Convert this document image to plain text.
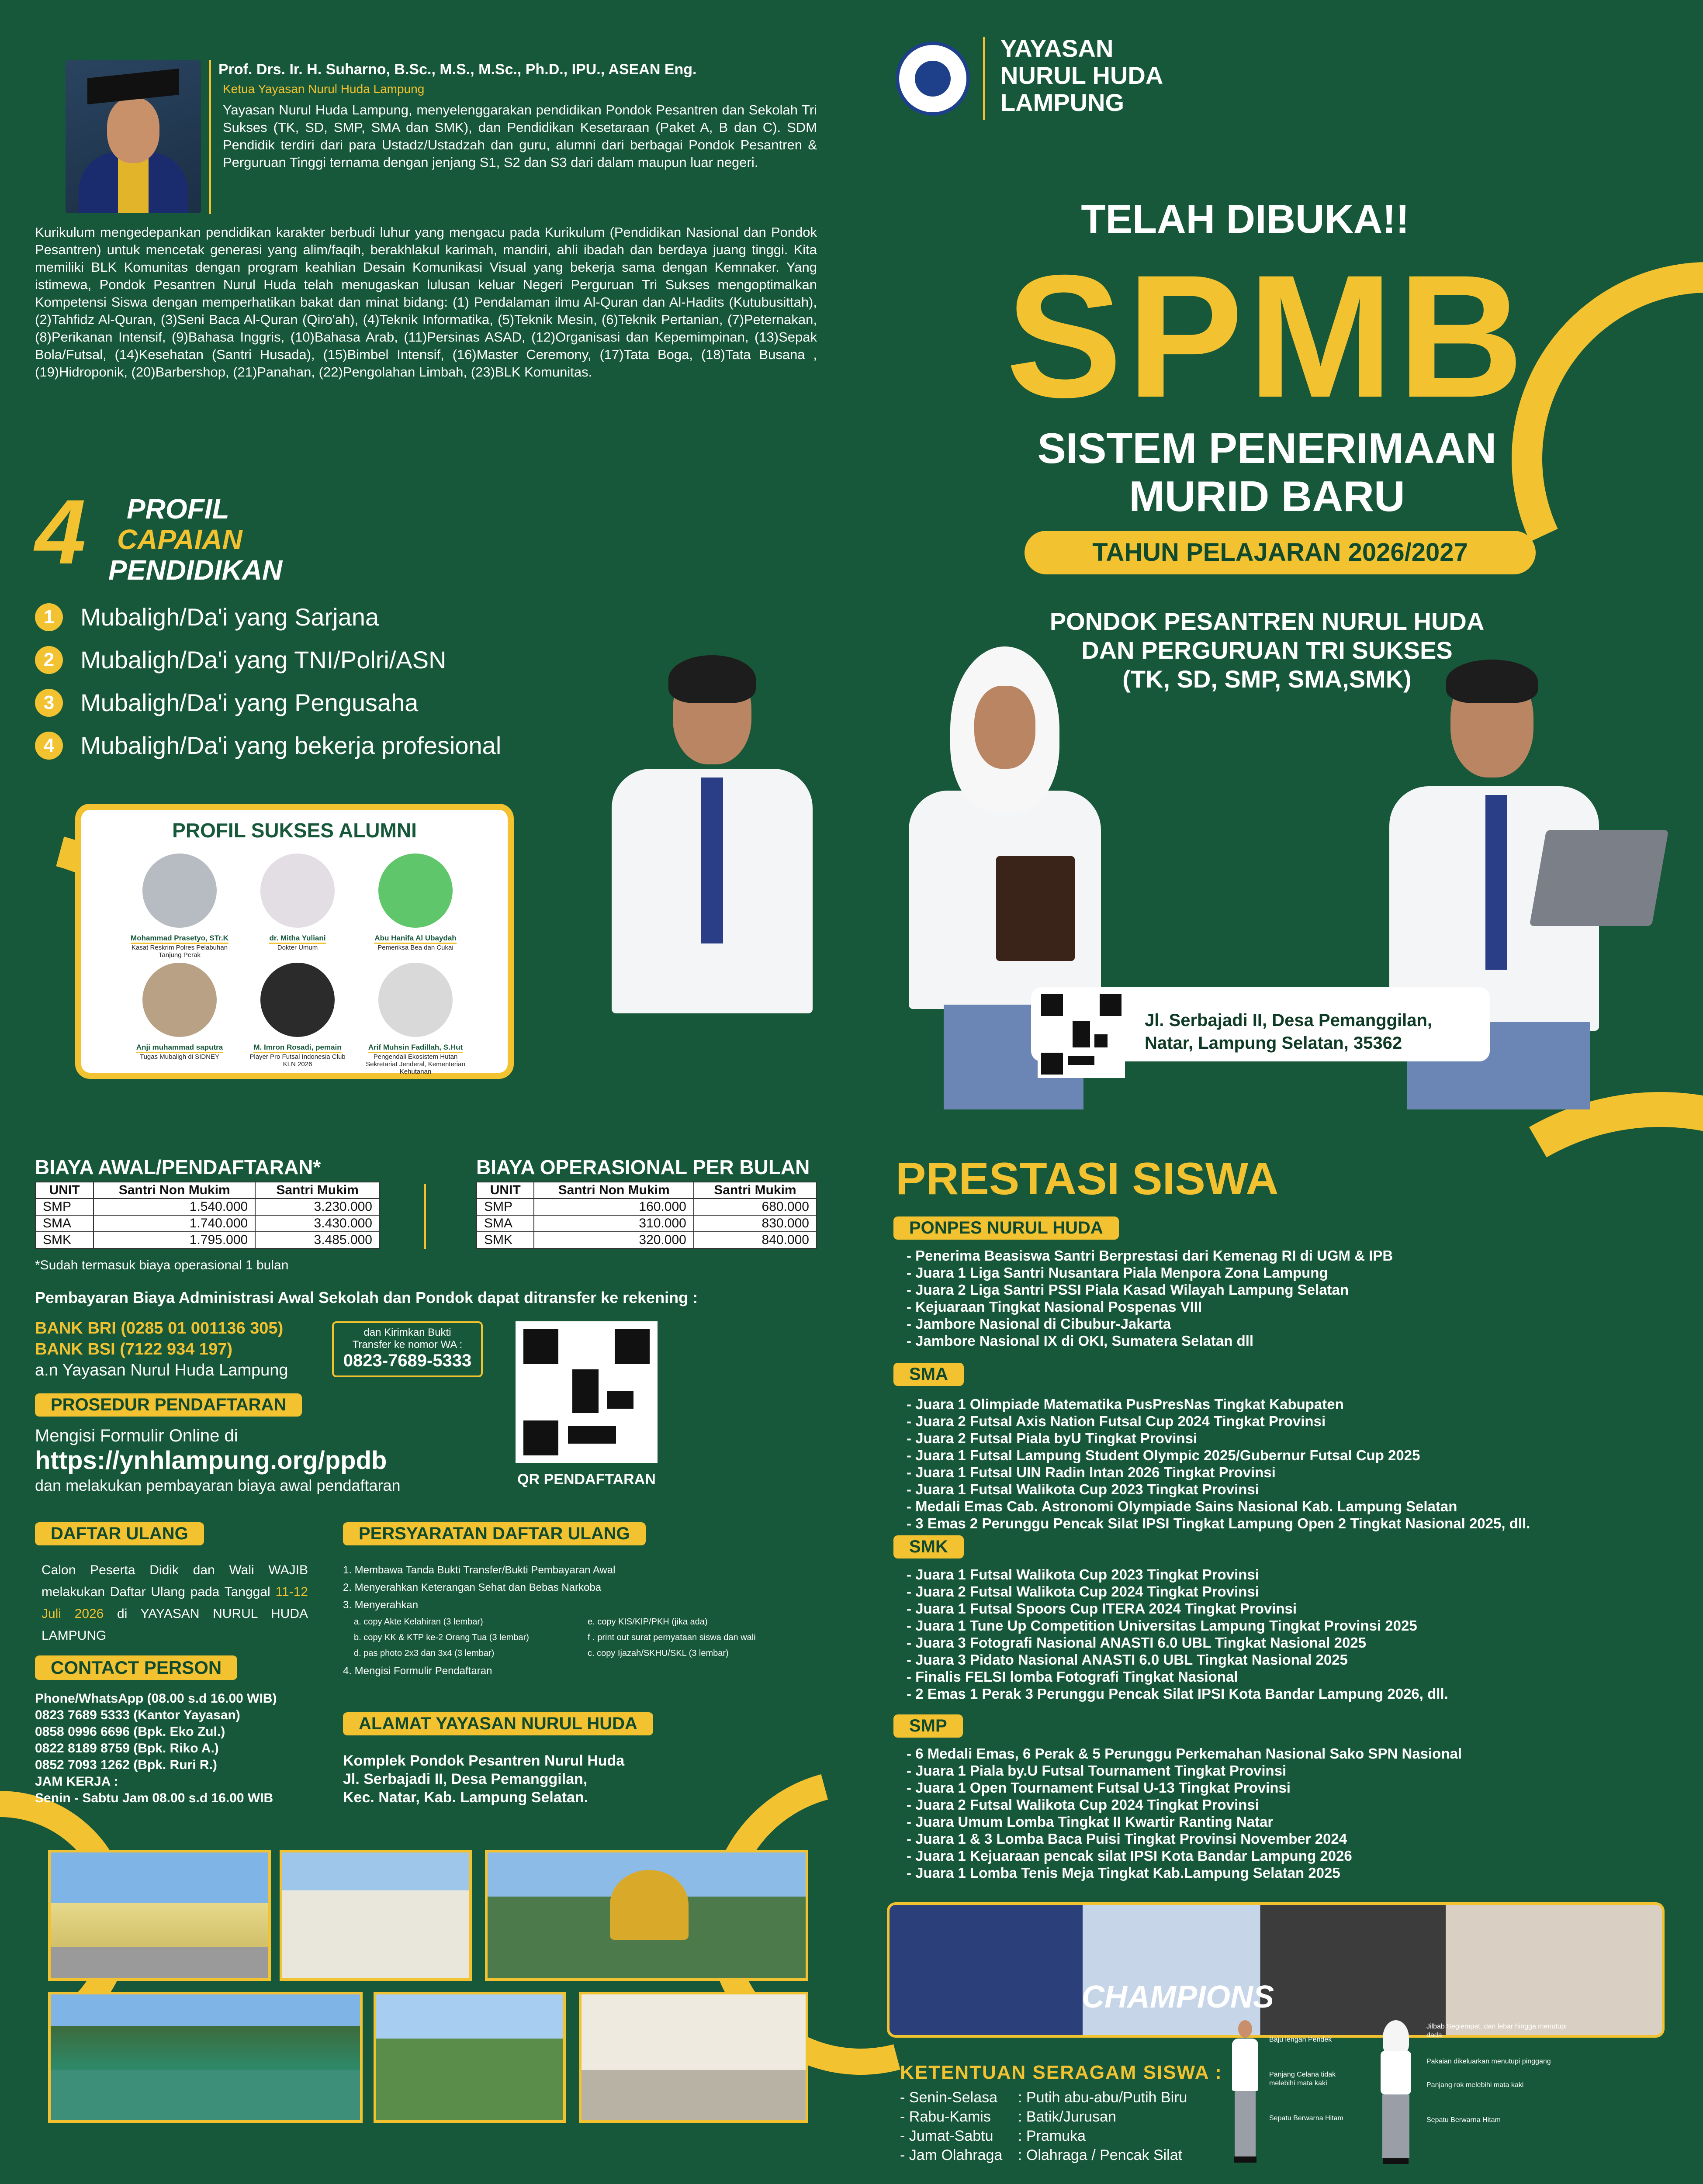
Prof. Drs. Ir. H. Suharno, B.Sc., M.S., M.Sc., Ph.D., IPU., ASEAN Eng.
Ketua Yayasan Nurul Huda Lampung
Yayasan Nurul Huda Lampung, menyelenggarakan pendidikan Pondok Pesantren dan Sekolah Tri Sukses (TK, SD, SMP, SMA dan SMK), dan Pendidikan Kesetaraan (Paket A, B dan C). SDM Pendidik terdiri dari para Ustadz/Ustadzah dan guru, alumni dari berbagai Pondok Pesantren & Perguruan Tinggi ternama dengan jenjang S1, S2 dan S3 dari dalam maupun luar negeri.
Kurikulum mengedepankan pendidikan karakter berbudi luhur yang mengacu pada Kurikulum (Pendidikan Nasional dan Pondok Pesantren) untuk mencetak generasi yang alim/faqih, berakhlakul karimah, mandiri, ahli ibadah dan berdaya juang tinggi. Kita memiliki BLK Komunitas dengan program keahlian Desain Komunikasi Visual yang bekerja sama dengan Kemnaker. Yang istimewa, Pondok Pesantren Nurul Huda telah menugaskan lulusan keluar Negeri Perguruan Tri Sukses mengoptimalkan Kompetensi Siswa dengan memperhatikan bakat dan minat bidang: (1) Pendalaman ilmu Al-Quran dan Al-Hadits (Kutubusittah), (2)Tahfidz Al-Quran, (3)Seni Baca Al-Quran (Qiro'ah), (4)Teknik Informatika, (5)Teknik Mesin, (6)Teknik Pertanian, (7)Peternakan, (8)Perikanan Intensif, (9)Bahasa Inggris, (10)Bahasa Arab, (11)Persinas ASAD, (12)Organisasi dan Kepemimpinan, (13)Sepak Bola/Futsal, (14)Kesehatan (Santri Husada), (15)Bimbel Intensif, (16)Master Ceremony, (17)Tata Boga, (18)Tata Busana , (19)Hidroponik, (20)Barbershop, (21)Panahan, (22)Pengolahan Limbah, (23)BLK Komunitas.
4 PROFIL
CAPAIAN
PENDIDIKAN
1	Mubaligh/Da'i yang Sarjana
2	Mubaligh/Da'i yang TNI/Polri/ASN
3	Mubaligh/Da'i yang Pengusaha
4	Mubaligh/Da'i yang bekerja profesional
PROFIL SUKSES ALUMNI
Mohammad Prasetyo, STr.K
Kasat Reskrim Polres Pelabuhan Tanjung Perak
dr. Mitha Yuliani
Dokter Umum
Abu Hanifa Al Ubaydah
Pemeriksa Bea dan Cukai
Anji muhammad saputra
Tugas Mubaligh di SIDNEY
M. Imron Rosadi, pemain
Player Pro Futsal Indonesia Club KLN 2026
Arif Muhsin Fadillah, S.Hut
Pengendali Ekosistem Hutan Sekretariat Jenderal, Kementerian Kehutanan
YAYASAN
NURUL HUDA
LAMPUNG
TELAH DIBUKA!!
SPMB
SISTEM PENERIMAAN
MURID BARU
TAHUN PELAJARAN 2026/2027
PONDOK PESANTREN NURUL HUDA
DAN PERGURUAN TRI SUKSES
(TK, SD, SMP, SMA,SMK)
Jl. Serbajadi II, Desa Pemanggilan, Natar, Lampung Selatan, 35362
BIAYA AWAL/PENDAFTARAN*
UNIT	Santri Non Mukim	Santri Mukim
SMP	1.540.000	3.230.000
SMA	1.740.000	3.430.000
SMK	1.795.000	3.485.000
*Sudah termasuk biaya operasional 1 bulan
BIAYA OPERASIONAL PER BULAN
UNIT	Santri Non Mukim	Santri Mukim
SMP	160.000	680.000
SMA	310.000	830.000
SMK	320.000	840.000
Pembayaran Biaya Administrasi Awal Sekolah dan Pondok dapat ditransfer ke rekening :
BANK BRI (0285 01 001136 305)
BANK BSI (7122 934 197)
a.n Yayasan Nurul Huda Lampung
dan Kirimkan Bukti Transfer ke nomor WA :
0823-7689-5333
PROSEDUR PENDAFTARAN
Mengisi Formulir Online di
https://ynhlampung.org/ppdb
dan melakukan pembayaran biaya awal pendaftaran	QR PENDAFTARAN
DAFTAR ULANG
Calon Peserta Didik dan Wali WAJIB melakukan Daftar Ulang pada Tanggal 11-12 Juli 2026 di YAYASAN NURUL HUDA LAMPUNG
PERSYARATAN DAFTAR ULANG
1. Membawa Tanda Bukti Transfer/Bukti Pembayaran Awal
2. Menyerahkan Keterangan Sehat dan Bebas Narkoba
3. Menyerahkan
a. copy Akte Kelahiran (3 lembar)
b. copy KK & KTP ke-2 Orang Tua (3 lembar)
d. pas photo 2x3 dan 3x4 (3 lembar)
e. copy KIS/KIP/PKH (jika ada)
f . print out surat pernyataan siswa dan wali
c. copy Ijazah/SKHU/SKL (3 lembar)
4. Mengisi Formulir Pendaftaran
CONTACT PERSON
Phone/WhatsApp (08.00 s.d 16.00 WIB)
0823 7689 5333 (Kantor Yayasan)
0858 0996 6696 (Bpk. Eko Zul.)
0822 8189 8759 (Bpk. Riko A.)
0852 7093 1262 (Bpk. Ruri R.)
JAM KERJA :
Senin - Sabtu Jam 08.00 s.d 16.00 WIB
ALAMAT YAYASAN NURUL HUDA
Komplek Pondok Pesantren Nurul Huda
Jl. Serbajadi II, Desa Pemanggilan,
Kec. Natar, Kab. Lampung Selatan.
PRESTASI SISWA
PONPES NURUL HUDA
- Penerima Beasiswa Santri Berprestasi dari Kemenag RI di UGM & IPB
- Juara 1 Liga Santri Nusantara Piala Menpora Zona Lampung
- Juara 2 Liga Santri PSSI Piala Kasad Wilayah Lampung Selatan
- Kejuaraan Tingkat Nasional Pospenas VIII
- Jambore Nasional di Cibubur-Jakarta
- Jambore Nasional IX di OKI, Sumatera Selatan dll
SMA
- Juara 1 Olimpiade Matematika PusPresNas Tingkat Kabupaten
- Juara 2 Futsal Axis Nation Futsal Cup 2024 Tingkat Provinsi
- Juara 2 Futsal Piala byU Tingkat Provinsi
- Juara 1 Futsal Lampung Student Olympic 2025/Gubernur Futsal Cup 2025
- Juara 1 Futsal UIN Radin Intan 2026 Tingkat Provinsi
- Juara 1 Futsal Walikota Cup 2023 Tingkat Provinsi
- Medali Emas Cab. Astronomi Olympiade Sains Nasional Kab. Lampung Selatan
- 3 Emas 2 Perunggu Pencak Silat IPSI Tingkat Lampung Open 2 Tingkat Nasional 2025, dll.
SMK
- Juara 1 Futsal Walikota Cup 2023 Tingkat Provinsi
- Juara 2 Futsal Walikota Cup 2024 Tingkat Provinsi
- Juara 1 Futsal Spoors Cup ITERA 2024 Tingkat Provinsi
- Juara 1 Tune Up Competition Universitas Lampung Tingkat Provinsi 2025
- Juara 3 Fotografi Nasional ANASTI 6.0 UBL Tingkat Nasional 2025
- Juara 3 Pidato Nasional ANASTI 6.0 UBL Tingkat Nasional 2025
- Finalis FELSI lomba Fotografi Tingkat Nasional
- 2 Emas 1 Perak 3 Perunggu Pencak Silat IPSI Kota Bandar Lampung 2026, dll.
SMP
- 6 Medali Emas, 6 Perak & 5 Perunggu Perkemahan Nasional Sako SPN Nasional
- Juara 1 Piala by.U Futsal Tournament Tingkat Provinsi
- Juara 1 Open Tournament Futsal U-13 Tingkat Provinsi
- Juara 2 Futsal Walikota Cup 2024 Tingkat Provinsi
- Juara Umum Lomba Tingkat II Kwartir Ranting Natar
- Juara 1 & 3 Lomba Baca Puisi Tingkat Provinsi November 2024
- Juara 1 Kejuaraan pencak silat IPSI Kota Bandar Lampung 2026
- Juara 1 Lomba Tenis Meja Tingkat Kab.Lampung Selatan 2025
CHAMPIONS
KETENTUAN SERAGAM SISWA :
- Senin-Selasa : Putih abu-abu/Putih Biru
- Rabu-Kamis : Batik/Jurusan
- Jumat-Sabtu : Pramuka
- Jam Olahraga : Olahraga / Pencak Silat
Baju lengan Pendek
Panjang Celana tidak melebihi mata kaki
Sepatu Berwarna Hitam
Jilbab Segiempat, dan lebar hingga menutupi dada
Pakaian dikeluarkan menutupi pinggang
Panjang rok melebihi mata kaki
Sepatu Berwarna Hitam
